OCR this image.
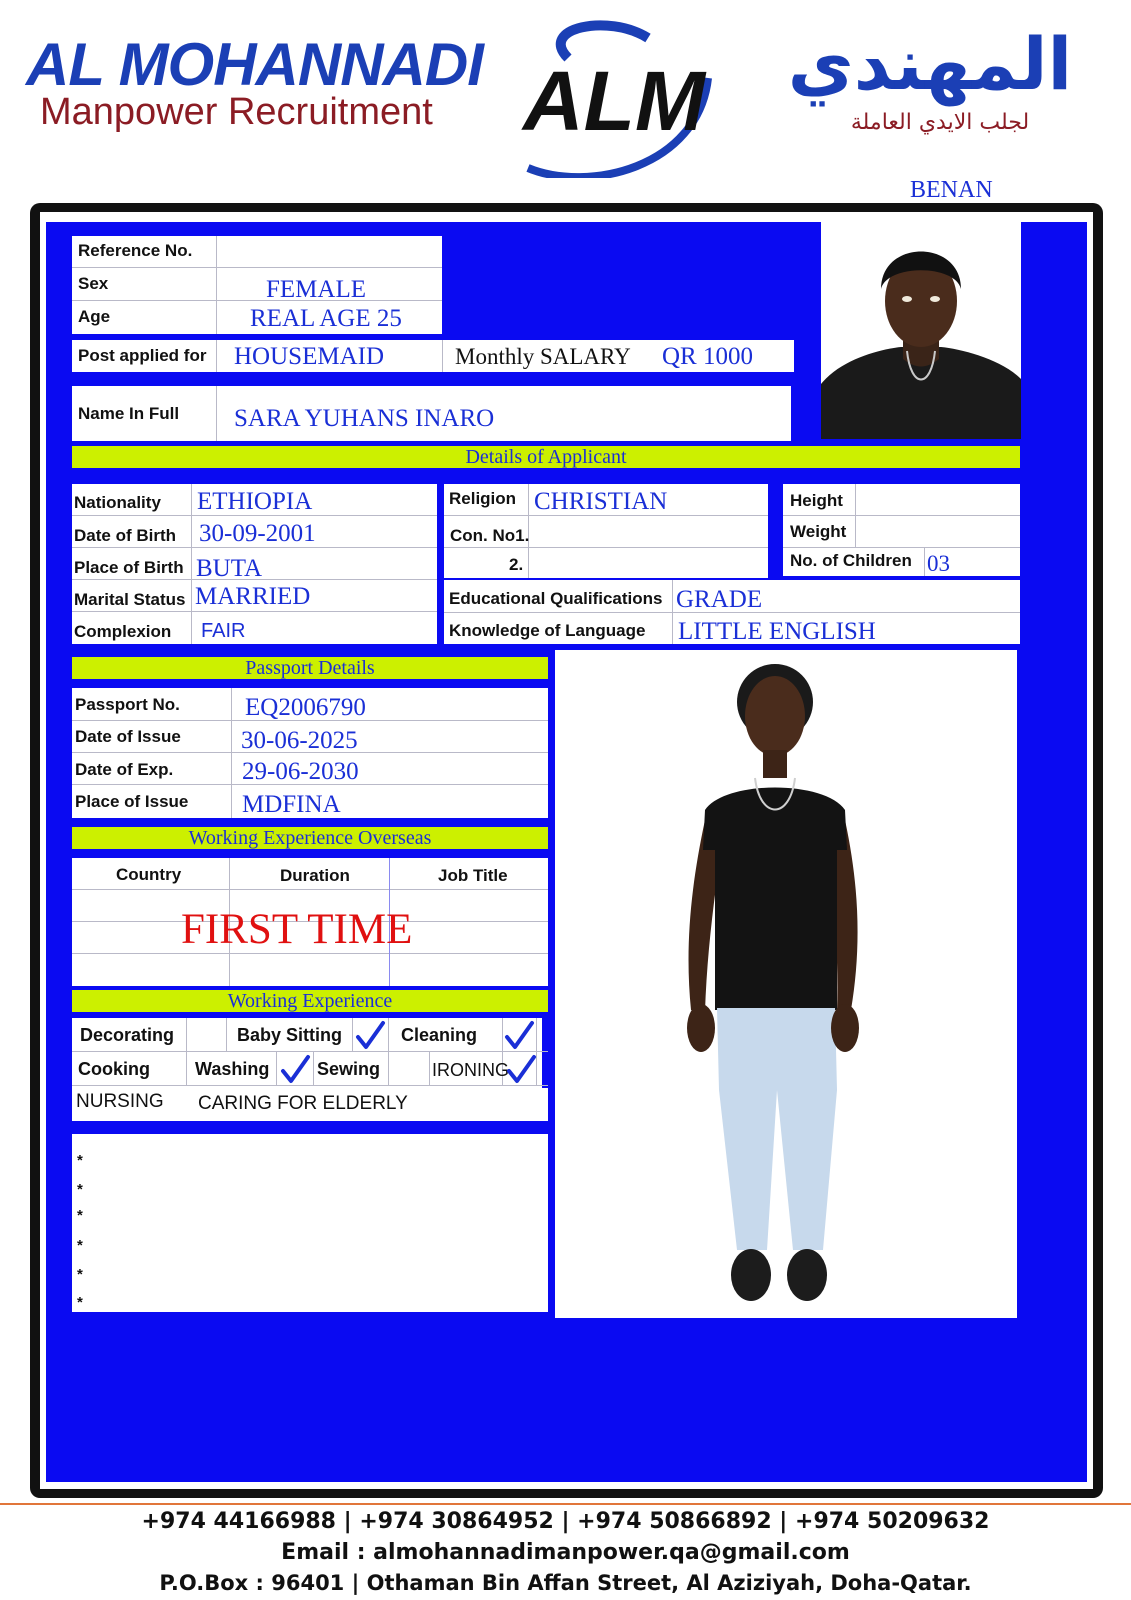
AL MOHANNADI
Manpower Recruitment	ALM	المهندي
لجلب الايدي العاملة
BENAN
Reference No.
Sex	FEMALE
Age	REAL AGE 25
Post applied for HOUSEMAID	Monthly SALARY QR 1000
Name In Full SARA YUHANS INARO
Details of Applicant
Nationality ETHIOPIA
Date of Birth 30-09-2001
Place of Birth BUTA
Marital Status MARRIED
Complexion FAIR
Religion CHRISTIAN
Con. No1.
2.
Height
Weight
No. of Children 03
Educational Qualifications GRADE
Knowledge of Language LITTLE ENGLISH
Passport Details
Passport No.	EQ2006790
Date of Issue 30-06-2025
Date of Exp.	29-06-2030
Place of Issue MDFINA
Working Experience Overseas
Country	Duration	Job Title
FIRST TIME
Working Experience
Decorating	Baby Sitting	Cleaning
Cooking	Washing	Sewing	IRONING
NURSING CARING FOR ELDERLY
*
*
*
*
*
*
+974 44166988 | +974 30864952 | +974 50866892 | +974 50209632
Email : almohannadimanpower.qa@gmail.com
P.O.Box : 96401 | Othaman Bin Affan Street, Al Aziziyah, Doha-Qatar.
